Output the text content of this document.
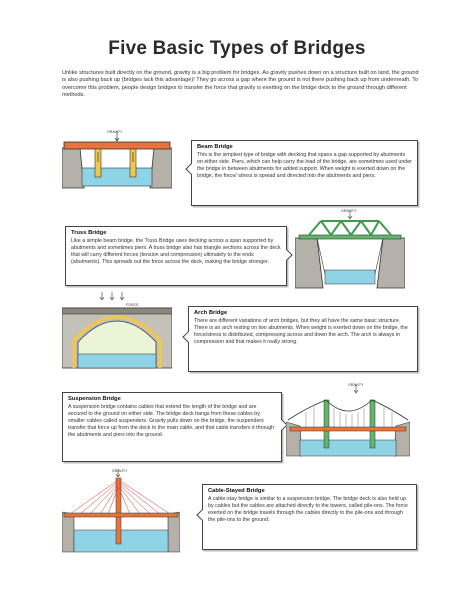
Five Basic Types of Bridges
Unlike structures built directly on the ground, gravity is a big problem for bridges. As gravity pushes down on a structure built on land, the ground is also pushing back up (bridges lack this advantage)! They go across a gap where the ground is not there pushing back up from underneath. To overcome this problem, people design bridges to transfer the force that gravity is exerting on the bridge deck to the ground through different methods.
GRAVITY
Beam Bridge
This is the simplest type of bridge with decking that spans a gap supported by abutments on either side. Piers, which can help carry the load of the bridge, are sometimes used under the bridge in between abutments for added support. When weight is exerted down on the bridge, the force/ stress is spread and directed into the abutments and piers.
Truss Bridge
Like a simple beam bridge, the Truss Bridge uses decking across a span supported by abutments and sometimes piers. A truss bridge also has triangle sections across the deck that will carry different forces (tension and compression) ultimately to the ends (abutments). This spreads out the force across the deck, making the bridge stronger.
GRAVITY
FORCE
Arch Bridge
There are different variations of arch bridges, but they all have the same basic structure. There is an arch resting on two abutments. When weight is exerted down on the bridge, the force/stress is distributed, compressing across and down the arch. The arch is always in compression and that makes it really strong.
Suspension Bridge
A suspension bridge contains cables that extend the length of the bridge and are secured to the ground on either side. The bridge deck hangs from these cables by smaller cables called suspenders. Gravity pulls down on the bridge, the suspenders transfer that force up from the deck to the main cable, and that cable transfers it through the abutments and piers into the ground.
GRAVITY
GRAVITY
Cable-Stayed Bridge
A cable-stay bridge is similar to a suspension bridge. The bridge deck is also held up by cables but the cables are attached directly to the towers, called pile-ons. The force exerted on the bridge travels through the cables directly to the pile-ons and through the pile-ons to the ground.
